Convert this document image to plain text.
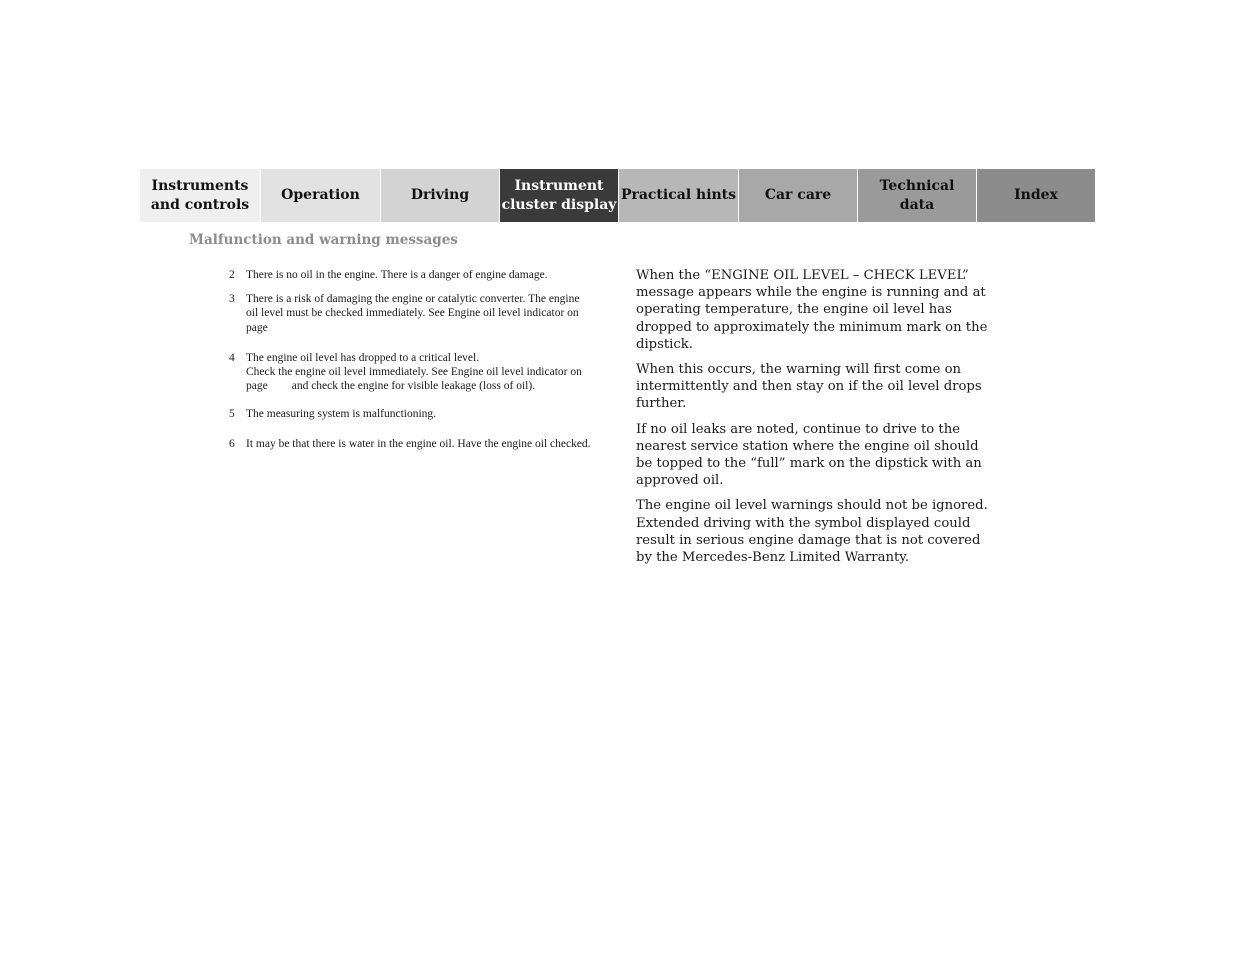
Instruments
and controls
Operation	Driving
Instrument
cluster display
Practical hints Car care
Technical
data
Index
Malfunction and warning messages
2 There is no oil in the engine. There is a danger of engine damage.
3 There is a risk of damaging the engine or catalytic converter. The engine oil level must be checked immediately. See Engine oil level indicator on page
4 The engine oil level has dropped to a critical level.
Check the engine oil level immediately. See Engine oil level indicator on page and check the engine for visible leakage (loss of oil).
5 The measuring system is malfunctioning.
6 It may be that there is water in the engine oil. Have the engine oil checked.

When the “ENGINE OIL LEVEL – CHECK LEVEL” message appears while the engine is running and at operating temperature, the engine oil level has dropped to approximately the minimum mark on the dipstick.

When this occurs, the warning will first come on intermittently and then stay on if the oil level drops further.

If no oil leaks are noted, continue to drive to the nearest service station where the engine oil should be topped to the “full” mark on the dipstick with an approved oil.

The engine oil level warnings should not be ignored. Extended driving with the symbol displayed could result in serious engine damage that is not covered by the Mercedes-Benz Limited Warranty.
